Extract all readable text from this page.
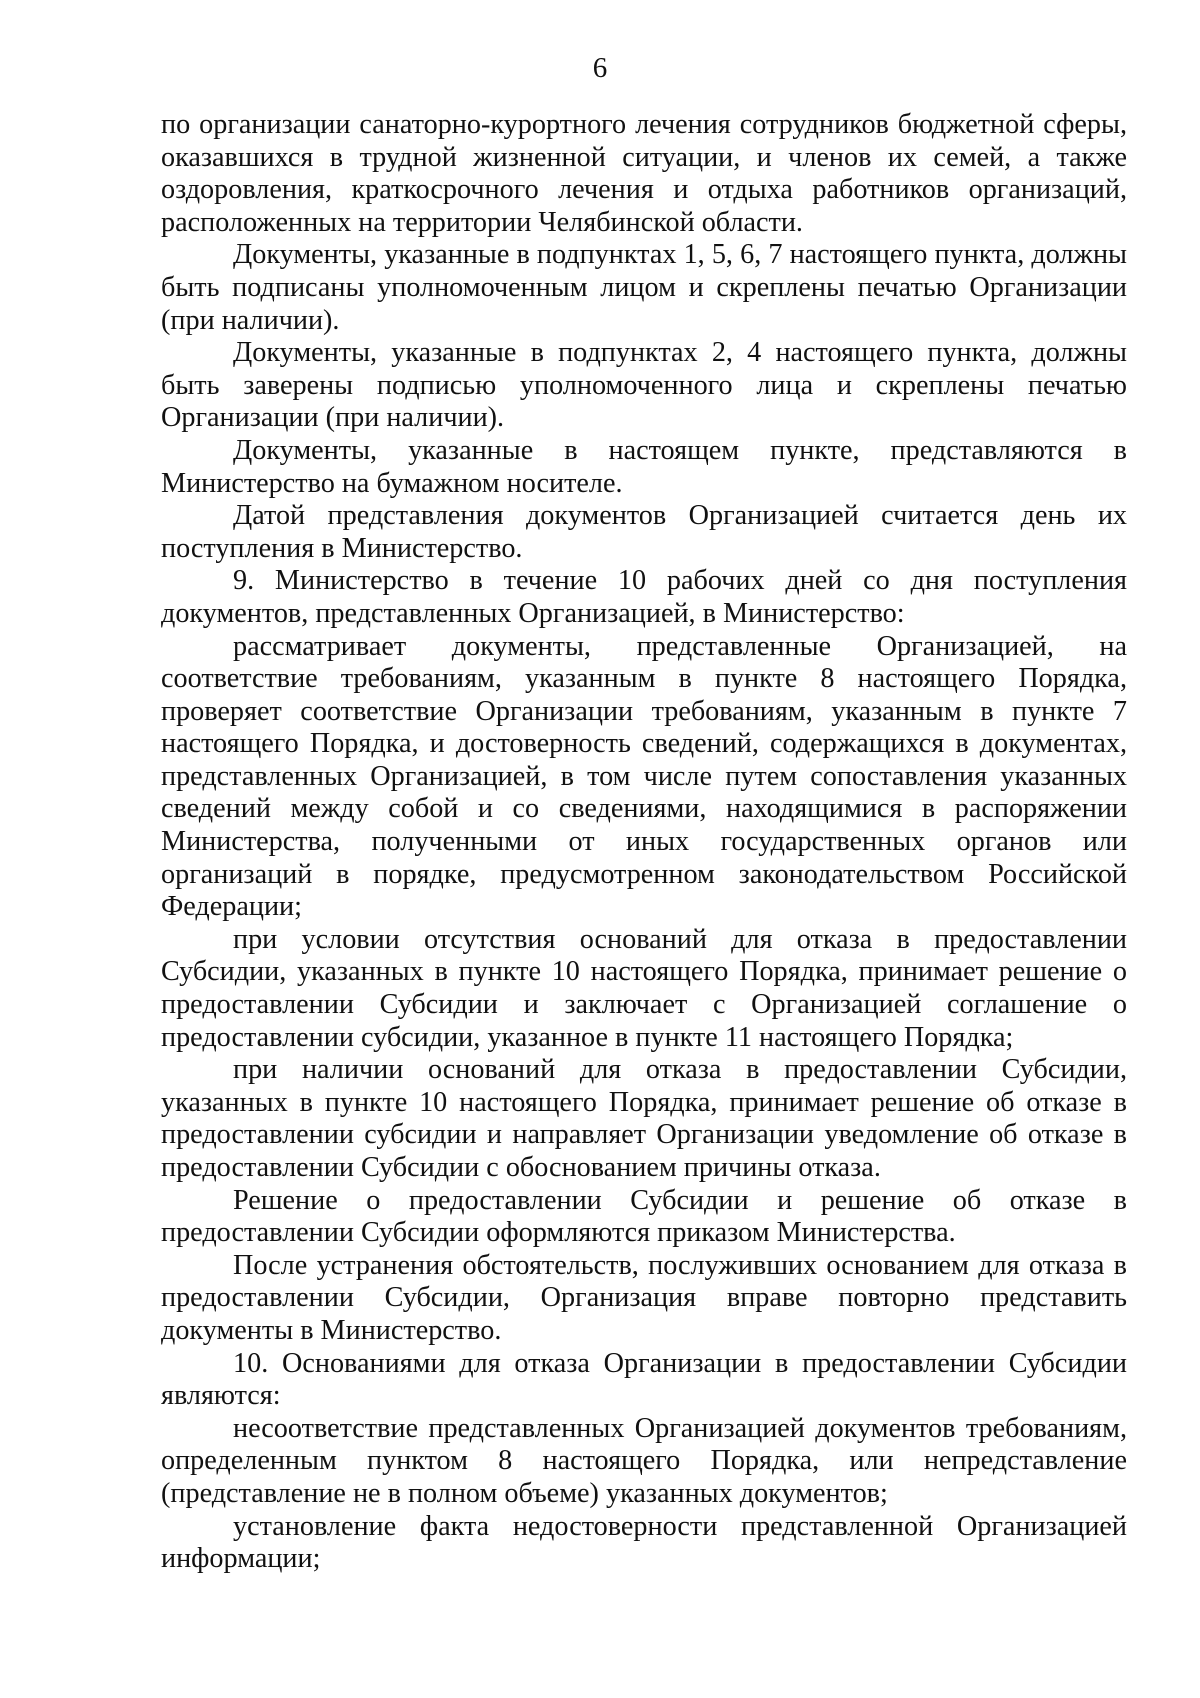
6

по организации санаторно-курортного лечения сотрудников бюджетной сферы, оказавшихся в трудной жизненной ситуации, и членов их семей, а также оздоровления, краткосрочного лечения и отдыха работников организаций, расположенных на территории Челябинской области.

Документы, указанные в подпунктах 1, 5, 6, 7 настоящего пункта, должны быть подписаны уполномоченным лицом и скреплены печатью Организации (при наличии).

Документы, указанные в подпунктах 2, 4 настоящего пункта, должны быть заверены подписью уполномоченного лица и скреплены печатью Организации (при наличии).

Документы, указанные в настоящем пункте, представляются в Министерство на бумажном носителе.

Датой представления документов Организацией считается день их поступления в Министерство.

9. Министерство в течение 10 рабочих дней со дня поступления документов, представленных Организацией, в Министерство:

рассматривает документы, представленные Организацией, на соответствие требованиям, указанным в пункте 8 настоящего Порядка, проверяет соответствие Организации требованиям, указанным в пункте 7 настоящего Порядка, и достоверность сведений, содержащихся в документах, представленных Организацией, в том числе путем сопоставления указанных сведений между собой и со сведениями, находящимися в распоряжении Министерства, полученными от иных государственных органов или организаций в порядке, предусмотренном законодательством Российской Федерации;

при условии отсутствия оснований для отказа в предоставлении Субсидии, указанных в пункте 10 настоящего Порядка, принимает решение о предоставлении Субсидии и заключает с Организацией соглашение о предоставлении субсидии, указанное в пункте 11 настоящего Порядка;

при наличии оснований для отказа в предоставлении Субсидии, указанных в пункте 10 настоящего Порядка, принимает решение об отказе в предоставлении субсидии и направляет Организации уведомление об отказе в предоставлении Субсидии с обоснованием причины отказа.

Решение о предоставлении Субсидии и решение об отказе в предоставлении Субсидии оформляются приказом Министерства.

После устранения обстоятельств, послуживших основанием для отказа в предоставлении Субсидии, Организация вправе повторно представить документы в Министерство.

10. Основаниями для отказа Организации в предоставлении Субсидии являются:

несоответствие представленных Организацией документов требованиям, определенным пунктом 8 настоящего Порядка, или непредставление (представление не в полном объеме) указанных документов;

установление факта недостоверности представленной Организацией информации;
